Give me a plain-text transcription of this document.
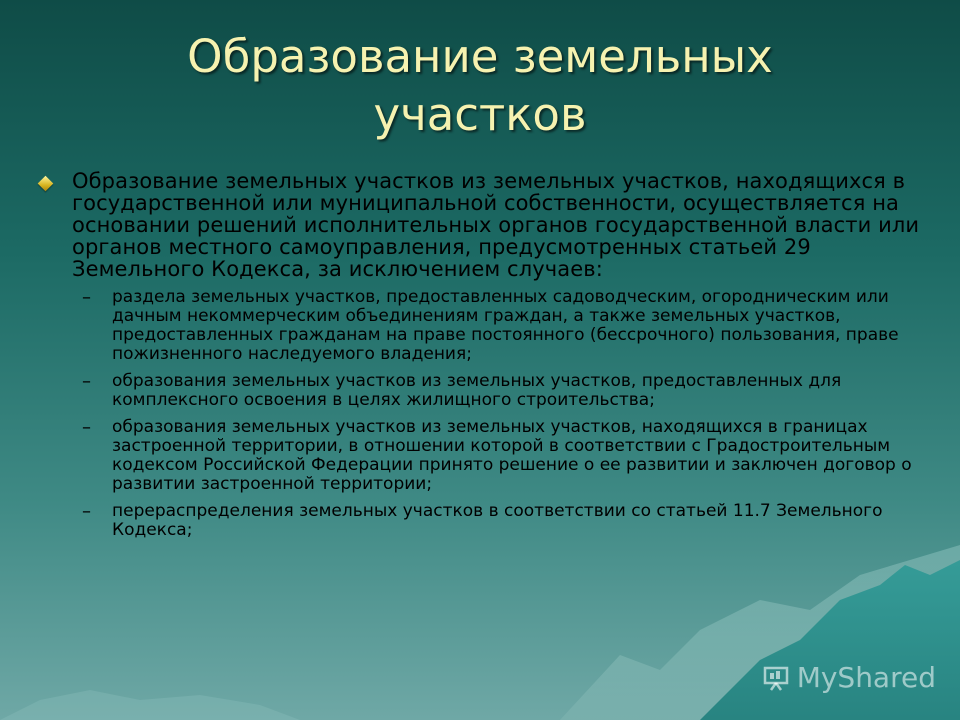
Образование земельных
участков
Образование земельных участков из земельных участков, находящихся в государственной или муниципальной собственности, осуществляется на основании решений исполнительных органов государственной власти или органов местного самоуправления, предусмотренных статьей 29 Земельного Кодекса, за исключением случаев:
– раздела земельных участков, предоставленных садоводческим, огородническим или дачным некоммерческим объединениям граждан, а также земельных участков, предоставленных гражданам на праве постоянного (бессрочного) пользования, праве пожизненного наследуемого владения;
– образования земельных участков из земельных участков, предоставленных для комплексного освоения в целях жилищного строительства;
– образования земельных участков из земельных участков, находящихся в границах застроенной территории, в отношении которой в соответствии с Градостроительным кодексом Российской Федерации принято решение о ее развитии и заключен договор о развитии застроенной территории;
– перераспределения земельных участков в соответствии со статьей 11.7 Земельного Кодекса;
MyShared
